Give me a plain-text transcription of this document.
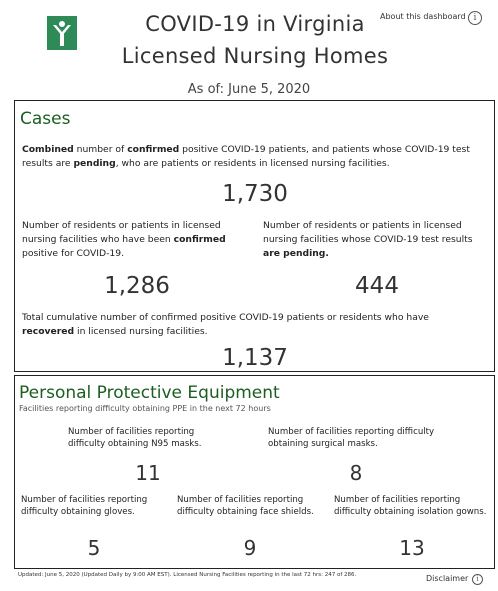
COVID-19 in Virginia
Licensed Nursing Homes
As of: June 5, 2020
About this dashboard i
Cases
Combined number of confirmed positive COVID-19 patients, and patients whose COVID-19 test results are pending, who are patients or residents in licensed nursing facilities.
1,730
Number of residents or patients in licensed nursing facilities who have been confirmed positive for COVID-19.
1,286
Number of residents or patients in licensed nursing facilities whose COVID-19 test results are pending.
444
Total cumulative number of confirmed positive COVID-19 patients or residents who have recovered in licensed nursing facilities.
1,137
Personal Protective Equipment
Facilities reporting difficulty obtaining PPE in the next 72 hours
Number of facilities reporting difficulty obtaining N95 masks.
11
Number of facilities reporting difficulty obtaining surgical masks.
8
Number of facilities reporting difficulty obtaining gloves.
5
Number of facilities reporting difficulty obtaining face shields.
9
Number of facilities reporting difficulty obtaining isolation gowns.
13
Updated: June 5, 2020 (Updated Daily by 9:00 AM EST). Licensed Nursing Facilities reporting in the last 72 hrs: 247 of 286.	Disclaimer	i
